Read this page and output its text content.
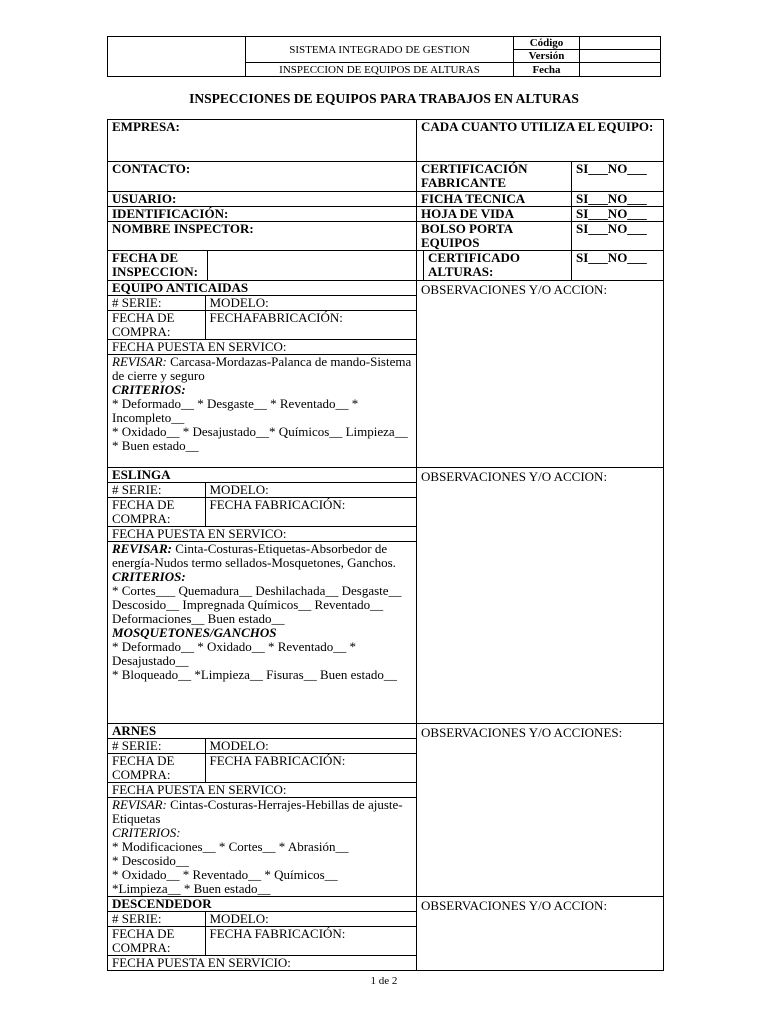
	SISTEMA INTEGRADO DE GESTION	Código	
		Versión	
	INSPECCION DE EQUIPOS DE ALTURAS	Fecha	
INSPECCIONES DE EQUIPOS PARA TRABAJOS EN ALTURAS
EMPRESA:	CADA CUANTO UTILIZA EL EQUIPO:
CONTACTO:	CERTIFICACIÓN FABRICANTE	SI___NO___
USUARIO:	FICHA TECNICA	SI___NO___
IDENTIFICACIÓN:	HOJA DE VIDA	SI___NO___
NOMBRE INSPECTOR:	BOLSO PORTA EQUIPOS	SI___NO___
FECHA DE INSPECCION:			CERTIFICADO ALTURAS:	SI___NO___

EQUIPO ANTICAIDAS
# SERIE:	MODELO:
FECHA DE COMPRA:	FECHAFABRICACIÓN:
FECHA PUESTA EN SERVICO:
REVISAR: Carcasa-Mordazas-Palanca de mando-Sistema de cierre y seguro
CRITERIOS:
* Deformado__ * Desgaste__ * Reventado__ * Incompleto__
* Oxidado__ * Desajustado__* Químicos__ Limpieza__
* Buen estado__
	OBSERVACIONES Y/O ACCION:

ESLINGA
# SERIE:	MODELO:
FECHA DE COMPRA:	FECHA FABRICACIÓN:
FECHA PUESTA EN SERVICO:
REVISAR: Cinta-Costuras-Etiquetas-Absorbedor de energía-Nudos termo sellados-Mosquetones, Ganchos.
CRITERIOS:
* Cortes___ Quemadura__ Deshilachada__ Desgaste__ Descosido__ Impregnada Químicos__ Reventado__ Deformaciones__ Buen estado__
MOSQUETONES/GANCHOS
* Deformado__ * Oxidado__ * Reventado__ * Desajustado__
* Bloqueado__ *Limpieza__ Fisuras__ Buen estado__
	OBSERVACIONES Y/O ACCION:

ARNES
# SERIE:	MODELO:
FECHA DE COMPRA:	FECHA FABRICACIÓN:
FECHA PUESTA EN SERVICO:
REVISAR: Cintas-Costuras-Herrajes-Hebillas de ajuste-Etiquetas
CRITERIOS:
* Modificaciones__ * Cortes__ * Abrasión__
* Descosido__
* Oxidado__ * Reventado__ * Químicos__
*Limpieza__ * Buen estado__
	OBSERVACIONES Y/O ACCIONES:

DESCENDEDOR
# SERIE:	MODELO:
FECHA DE COMPRA:	FECHA FABRICACIÓN:
FECHA PUESTA EN SERVICIO:
	OBSERVACIONES Y/O ACCION:
1 de 2
